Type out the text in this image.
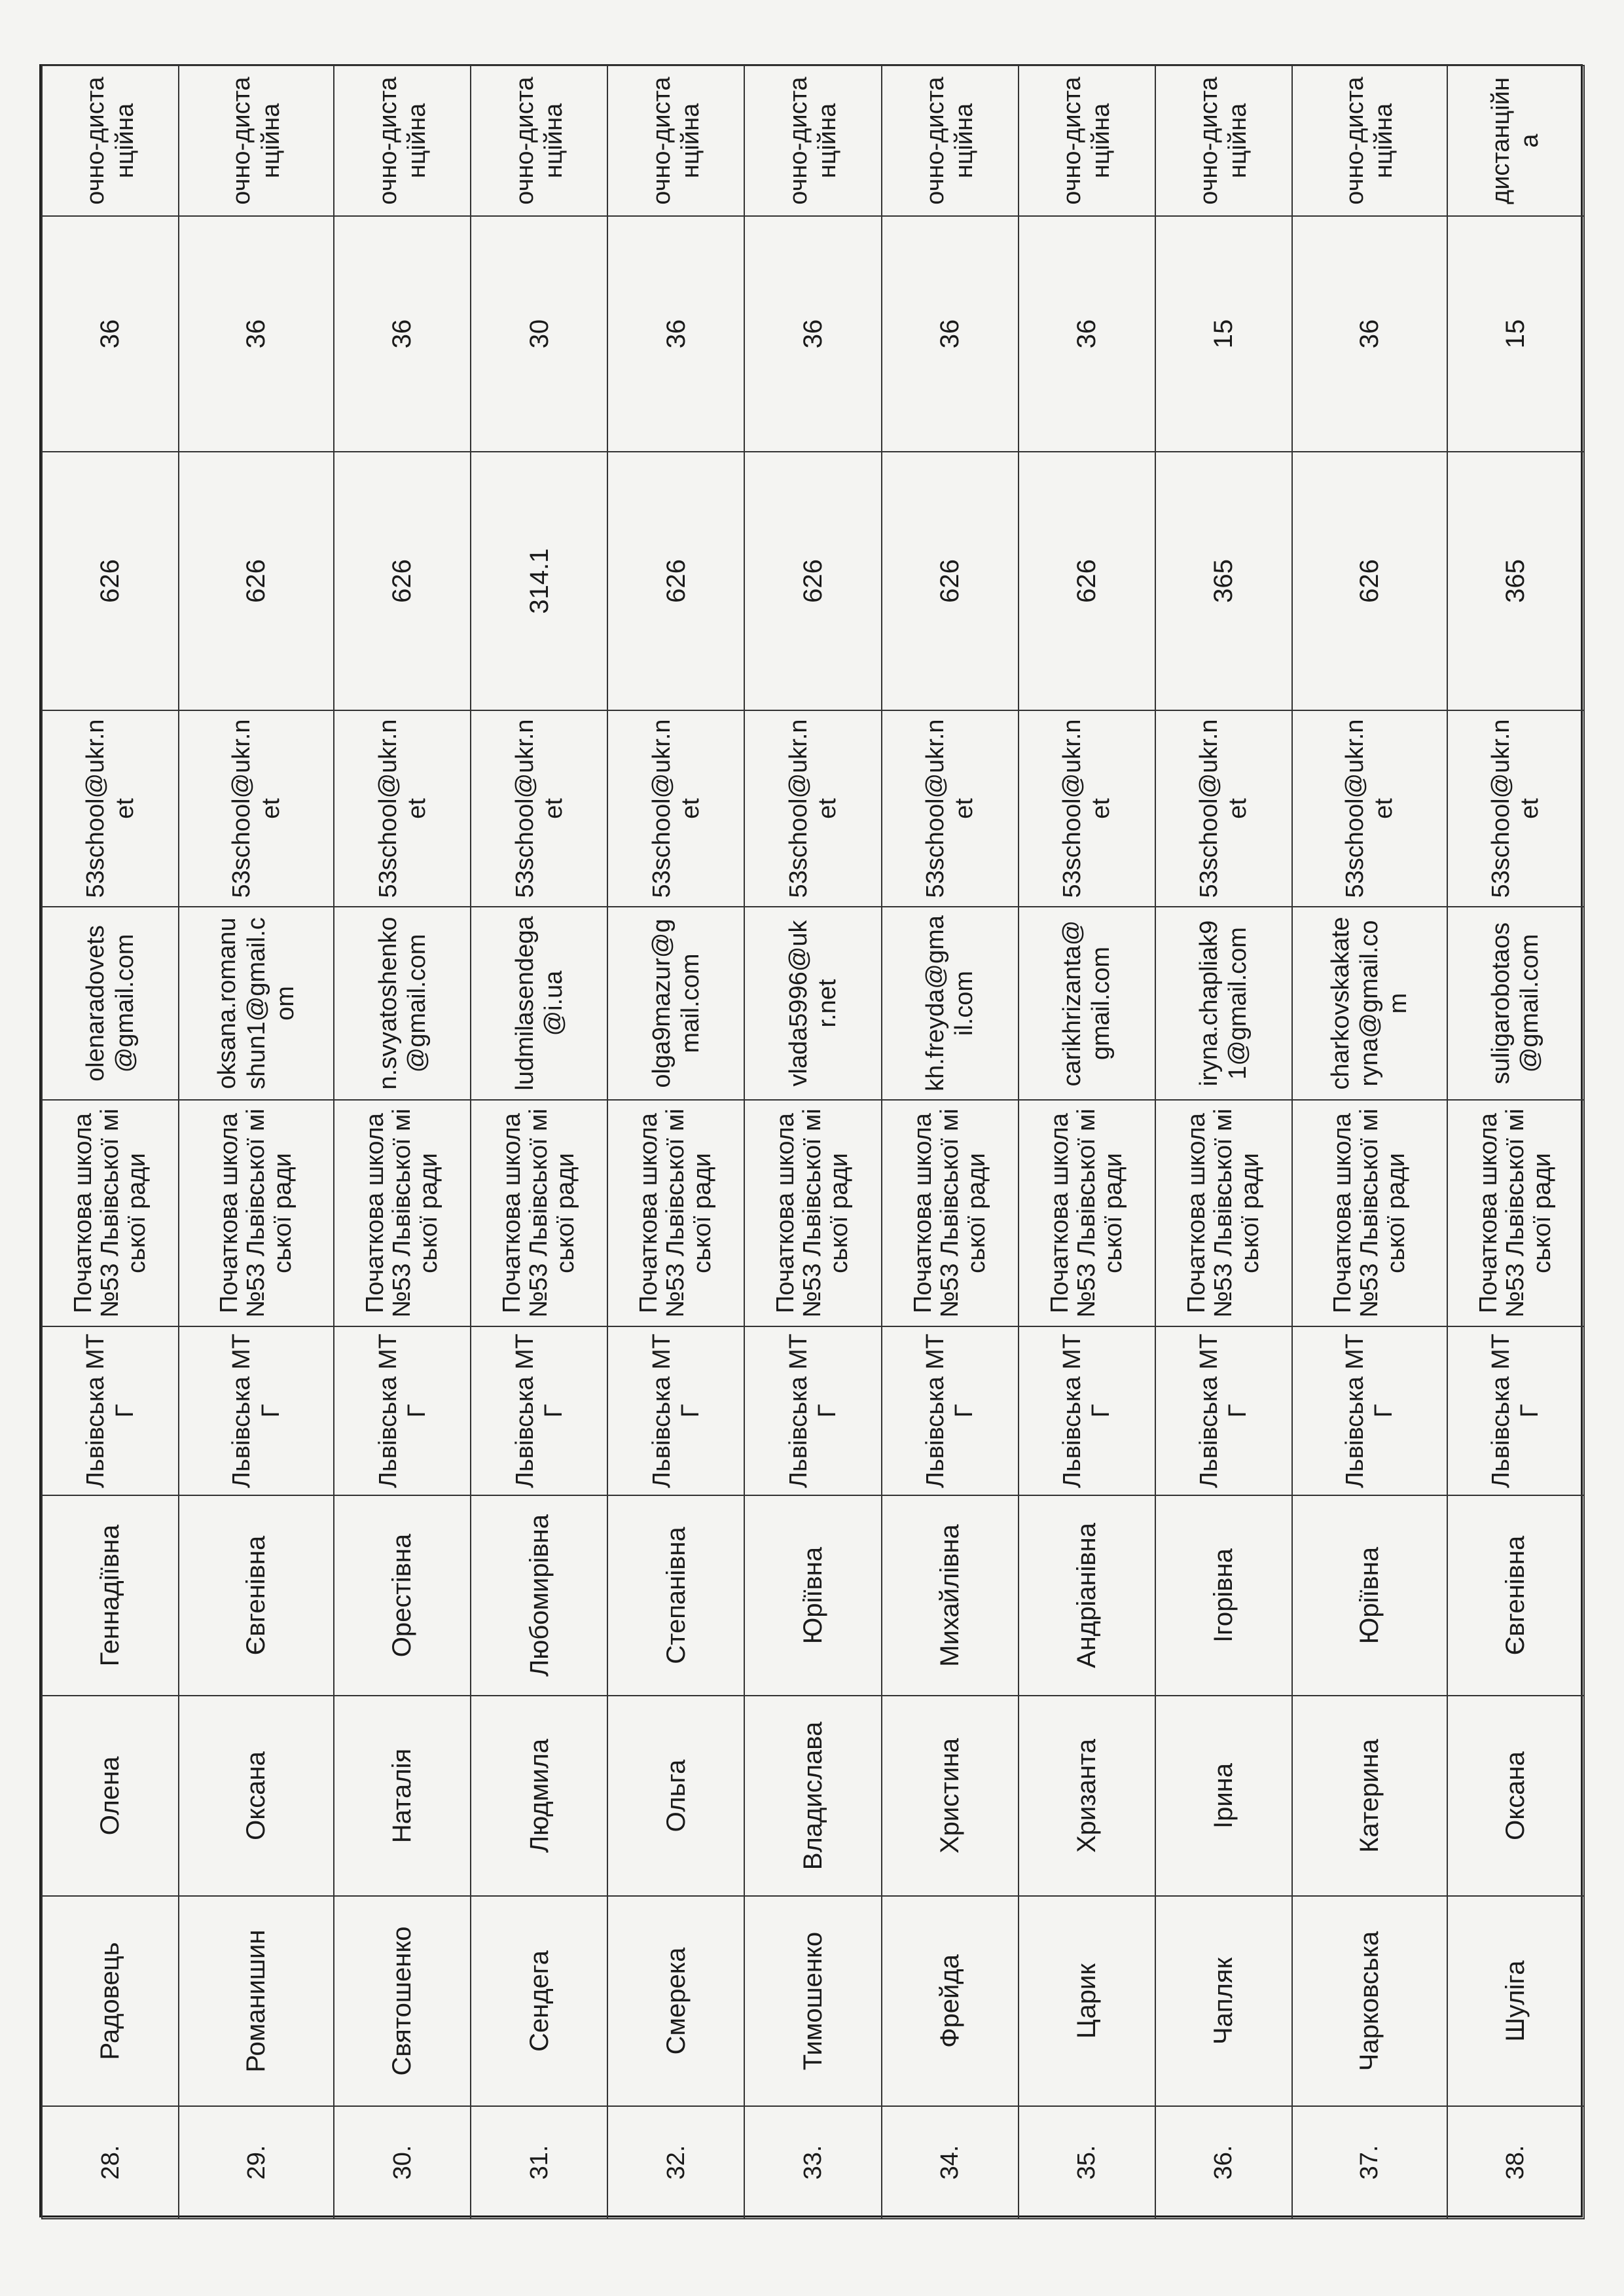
28.	Радовець	Олена	Геннадіївна	Львівська МТГ	Початкова школа№53 Львівської міської ради	olenaradovets@gmail.com	53school@ukr.net	626	36	очно-дистанційна
29.	Романишин	Оксана	Євгенівна	Львівська МТГ	Початкова школа№53 Львівської міської ради	oksana.romanushun1@gmail.com	53school@ukr.net	626	36	очно-дистанційна
30.	Святошенко	Наталія	Орестівна	Львівська МТГ	Початкова школа№53 Львівської міської ради	n.svyatoshenko@gmail.com	53school@ukr.net	626	36	очно-дистанційна
31.	Сендега	Людмила	Любомирівна	Львівська МТГ	Початкова школа№53 Львівської міської ради	ludmilasendega@i.ua	53school@ukr.net	314.1	30	очно-дистанційна
32.	Смерека	Ольга	Степанівна	Львівська МТГ	Початкова школа№53 Львівської міської ради	olga9mazur@gmail.com	53school@ukr.net	626	36	очно-дистанційна
33.	Тимошенко	Владислава	Юріївна	Львівська МТГ	Початкова школа№53 Львівської міської ради	vlada5996@ukr.net	53school@ukr.net	626	36	очно-дистанційна
34.	Фрейда	Христина	Михайлівна	Львівська МТГ	Початкова школа№53 Львівської міської ради	kh.freyda@gmail.com	53school@ukr.net	626	36	очно-дистанційна
35.	Царик	Хризанта	Андріанівна	Львівська МТГ	Початкова школа№53 Львівської міської ради	carikhrizanta@gmail.com	53school@ukr.net	626	36	очно-дистанційна
36.	Чапляк	Ірина	Ігорівна	Львівська МТГ	Початкова школа№53 Львівської міської ради	iryna.chapliak91@gmail.com	53school@ukr.net	365	15	очно-дистанційна
37.	Чарковська	Катерина	Юріївна	Львівська МТГ	Початкова школа№53 Львівської міської ради	charkovskakateryna@gmail.com	53school@ukr.net	626	36	очно-дистанційна
38.	Шуліга	Оксана	Євгенівна	Львівська МТГ	Початкова школа№53 Львівської міської ради	suligarobotaos@gmail.com	53school@ukr.net	365	15	дистанційна
